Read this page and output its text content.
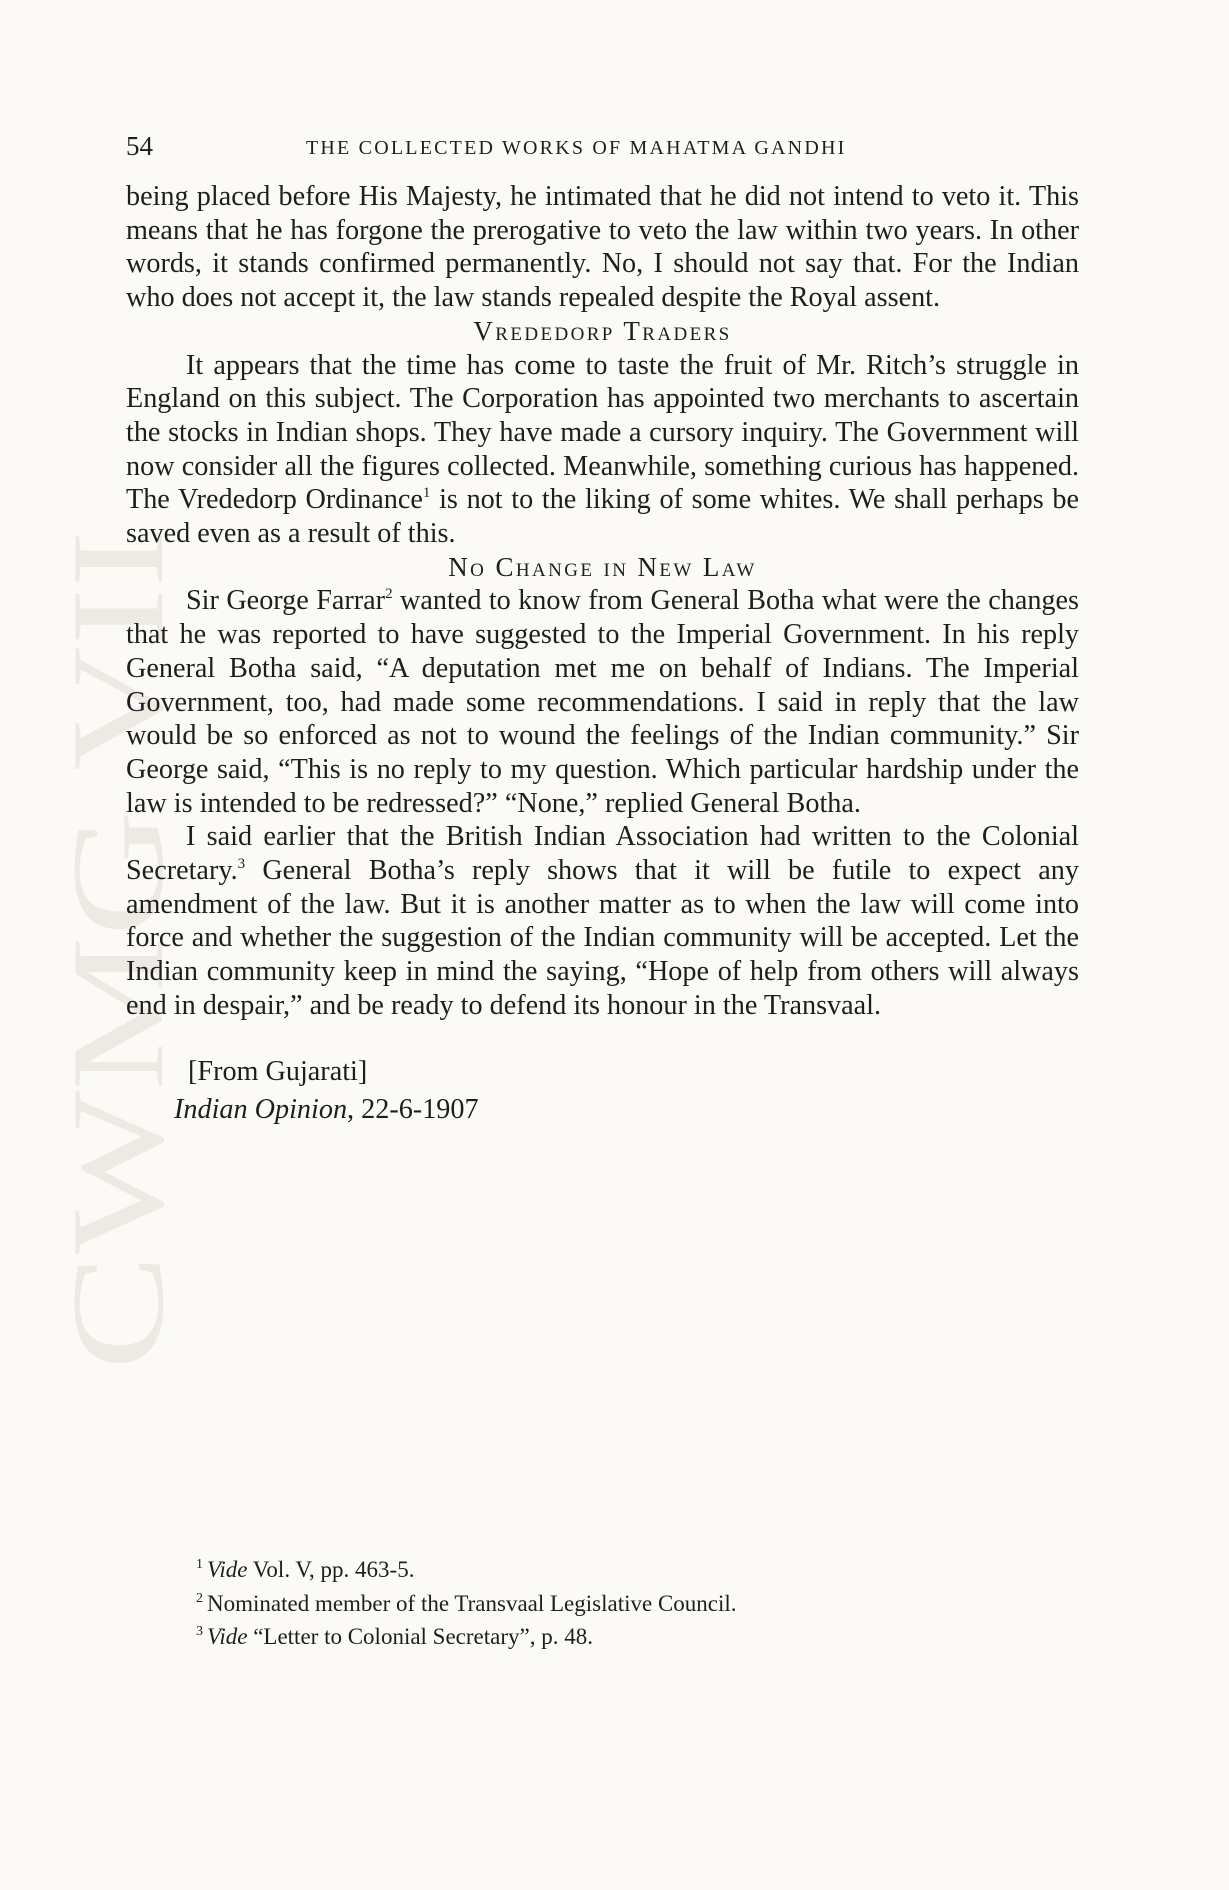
CWMG VII
54	THE COLLECTED WORKS OF MAHATMA GANDHI

being placed before His Majesty, he intimated that he did not intend to veto it. This means that he has forgone the prerogative to veto the law within two years. In other words, it stands confirmed permanently. No, I should not say that. For the Indian who does not accept it, the law stands repealed despite the Royal assent.

Vrededorp Traders

It appears that the time has come to taste the fruit of Mr. Ritch’s struggle in England on this subject. The Corporation has appointed two merchants to ascertain the stocks in Indian shops. They have made a cursory inquiry. The Government will now consider all the figures collected. Meanwhile, something curious has happened. The Vrededorp Ordinance$^1$ is not to the liking of some whites. We shall perhaps be saved even as a result of this.

No Change in New Law

Sir George Farrar$^2$ wanted to know from General Botha what were the changes that he was reported to have suggested to the Imperial Government. In his reply General Botha said, “A deputation met me on behalf of Indians. The Imperial Government, too, had made some recommendations. I said in reply that the law would be so enforced as not to wound the feelings of the Indian community.” Sir George said, “This is no reply to my question. Which particular hardship under the law is intended to be redressed?” “None,” replied General Botha.

I said earlier that the British Indian Association had written to the Colonial Secretary.$^3$ General Botha’s reply shows that it will be futile to expect any amendment of the law. But it is another matter as to when the law will come into force and whether the suggestion of the Indian community will be accepted. Let the Indian community keep in mind the saying, “Hope of help from others will always end in despair,” and be ready to defend its honour in the Transvaal.

[From Gujarati]
Indian Opinion, 22-6-1907
$^1$ Vide Vol. V, pp. 463-5.
$^2$ Nominated member of the Transvaal Legislative Council.
$^3$ Vide “Letter to Colonial Secretary”, p. 48.
